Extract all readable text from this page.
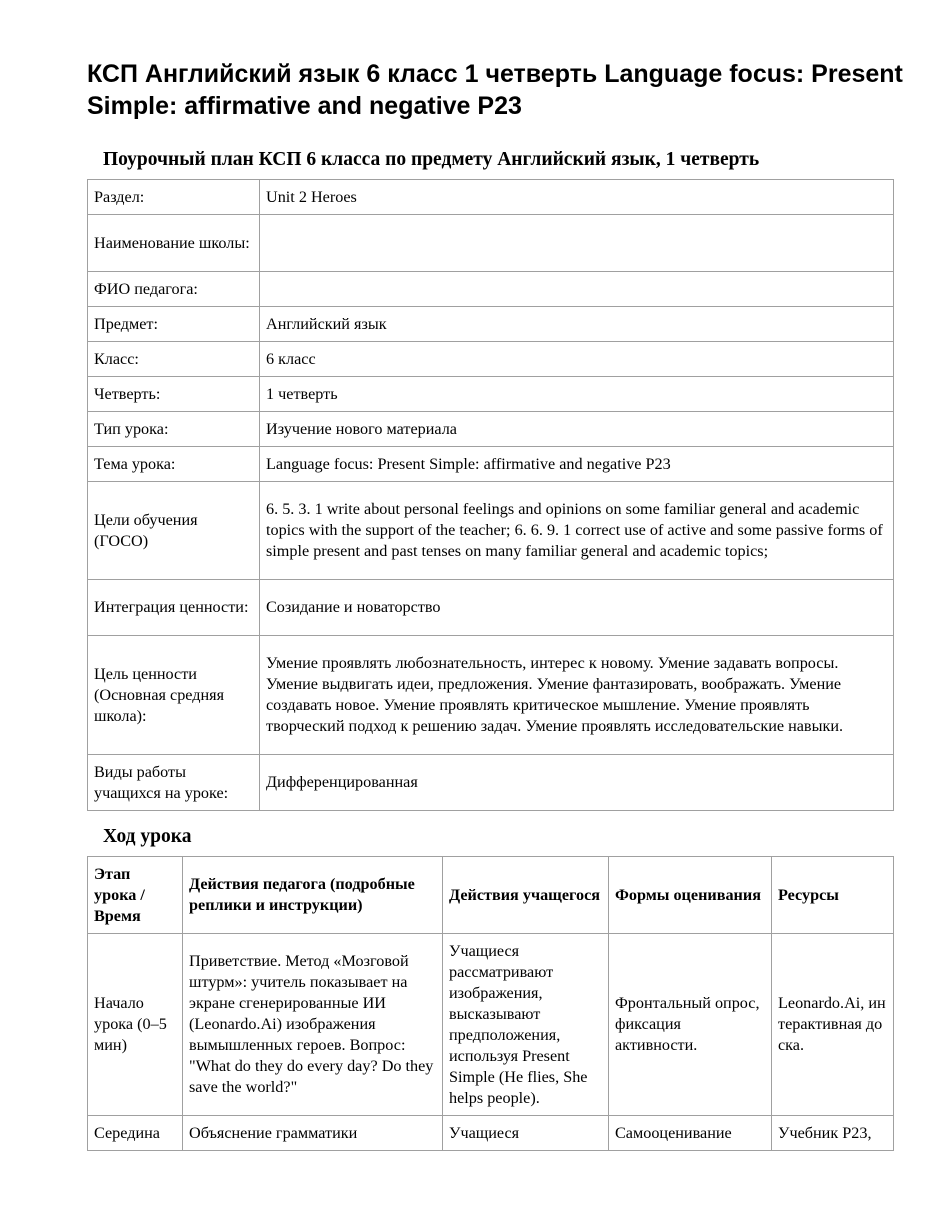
КСП Английский язык 6 класс 1 четверть Language focus: Present Simple: affirmative and negative P23
Поурочный план КСП 6 класса по предмету Английский язык, 1 четверть
Раздел:	Unit 2 Heroes
Наименование школы:	
ФИО педагога:	
Предмет:	Английский язык
Класс:	6 класс
Четверть:	1 четверть
Тип урока:	Изучение нового материала
Тема урока:	Language focus: Present Simple: affirmative and negative P23
Цели обучения (ГОСО)	6. 5. 3. 1 write about personal feelings and opinions on some familiar general and academic topics with the support of the teacher; 6. 6. 9. 1 correct use of active and some passive forms of simple present and past tenses on many familiar general and academic topics;
Интеграция ценности:	Созидание и новаторство
Цель ценности (Основная средняя школа):	Умение проявлять любознательность, интерес к новому. Умение задавать вопросы. Умение выдвигать идеи, предложения. Умение фантазировать, воображать. Умение создавать новое. Умение проявлять критическое мышление. Умение проявлять творческий подход к решению задач. Умение проявлять исследовательские навыки.
Виды работы учащихся на уроке:	Дифференцированная
Ход урока
Этап урока / Время	Действия педагога (подробные реплики и инструкции)	Действия учащегося	Формы оценивания	Ресурсы
Начало урока (0–5 мин)	Приветствие. Метод «Мозговой штурм»: учитель показывает на экране сгенерированные ИИ (Leonardo.Ai) изображения вымышленных героев. Вопрос: "What do they do every day? Do they save the world?"	Учащиеся рассматривают изображения, высказывают предположения, используя Present Simple (He flies, She helps people).	Фронтальный опрос, фиксация активности.	Leonardo.Ai, интерактивная доска.
Середина	Объяснение грамматики	Учащиеся	Самооценивание	Учебник P23,
